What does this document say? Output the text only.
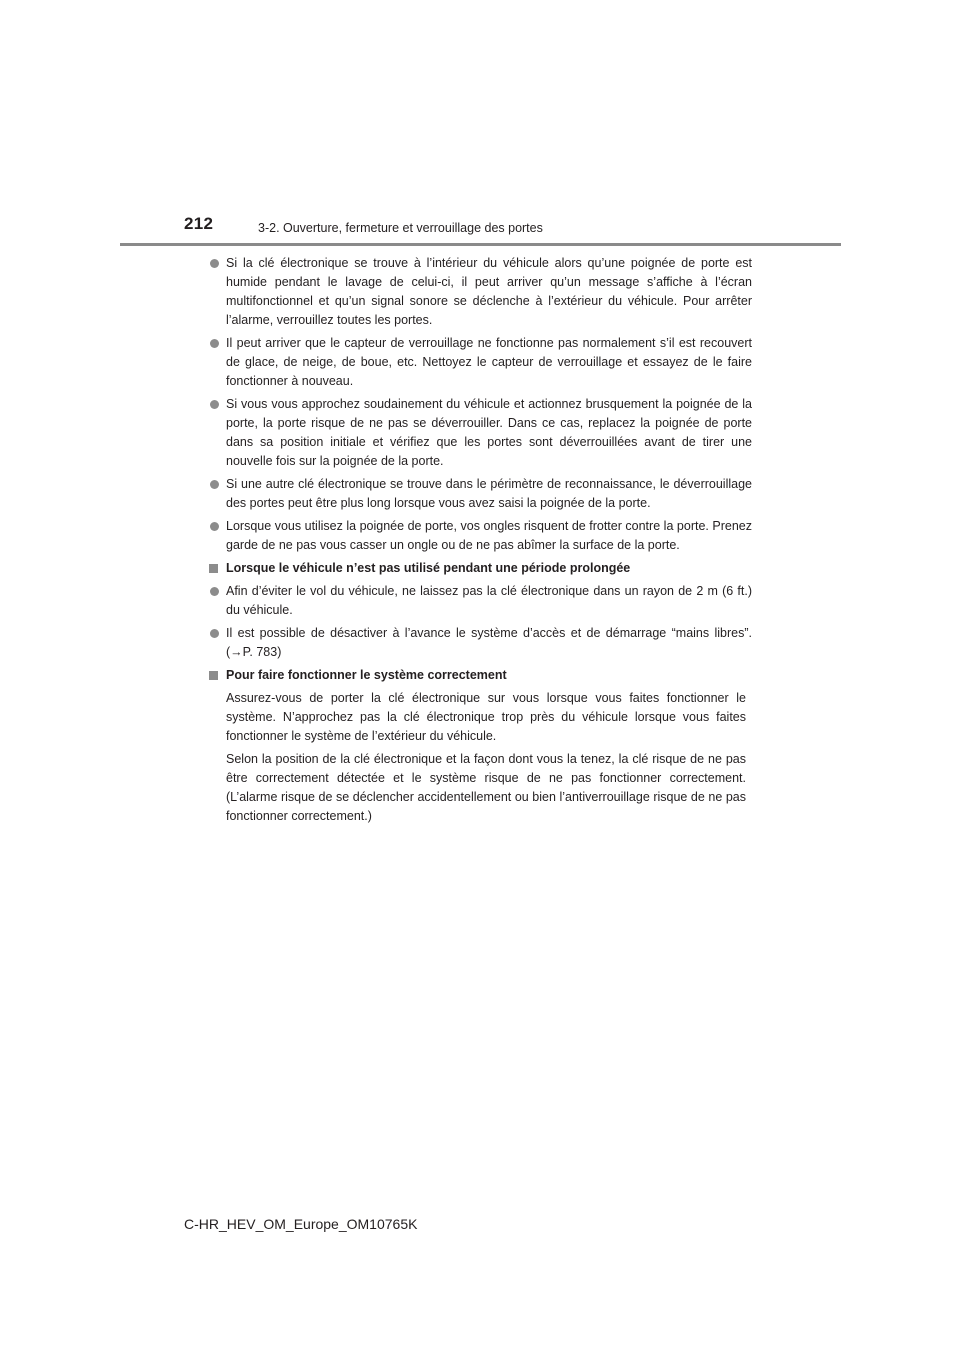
212	3-2. Ouverture, fermeture et verrouillage des portes
Si la clé électronique se trouve à l’intérieur du véhicule alors qu’une poignée de porte est humide pendant le lavage de celui-ci, il peut arriver qu’un message s’affiche à l’écran multifonctionnel et qu’un signal sonore se déclenche à l’extérieur du véhicule. Pour arrêter l’alarme, verrouillez toutes les portes.
Il peut arriver que le capteur de verrouillage ne fonctionne pas normalement s’il est recouvert de glace, de neige, de boue, etc. Nettoyez le capteur de verrouillage et essayez de le faire fonctionner à nouveau.
Si vous vous approchez soudainement du véhicule et actionnez brusquement la poignée de la porte, la porte risque de ne pas se déverrouiller. Dans ce cas, replacez la poignée de porte dans sa position initiale et vérifiez que les portes sont déverrouillées avant de tirer une nouvelle fois sur la poignée de la porte.
Si une autre clé électronique se trouve dans le périmètre de reconnaissance, le déverrouillage des portes peut être plus long lorsque vous avez saisi la poignée de la porte.
Lorsque vous utilisez la poignée de porte, vos ongles risquent de frotter contre la porte. Prenez garde de ne pas vous casser un ongle ou de ne pas abîmer la surface de la porte.
Lorsque le véhicule n’est pas utilisé pendant une période prolongée
Afin d’éviter le vol du véhicule, ne laissez pas la clé électronique dans un rayon de 2 m (6 ft.) du véhicule.
Il est possible de désactiver à l’avance le système d’accès et de démarrage “mains libres”. (→P. 783)
Pour faire fonctionner le système correctement
Assurez-vous de porter la clé électronique sur vous lorsque vous faites fonctionner le système. N’approchez pas la clé électronique trop près du véhicule lorsque vous faites fonctionner le système de l’extérieur du véhicule.
Selon la position de la clé électronique et la façon dont vous la tenez, la clé risque de ne pas être correctement détectée et le système risque de ne pas fonctionner correctement. (L’alarme risque de se déclencher accidentellement ou bien l’antiverrouillage risque de ne pas fonctionner correctement.)
C-HR_HEV_OM_Europe_OM10765K
